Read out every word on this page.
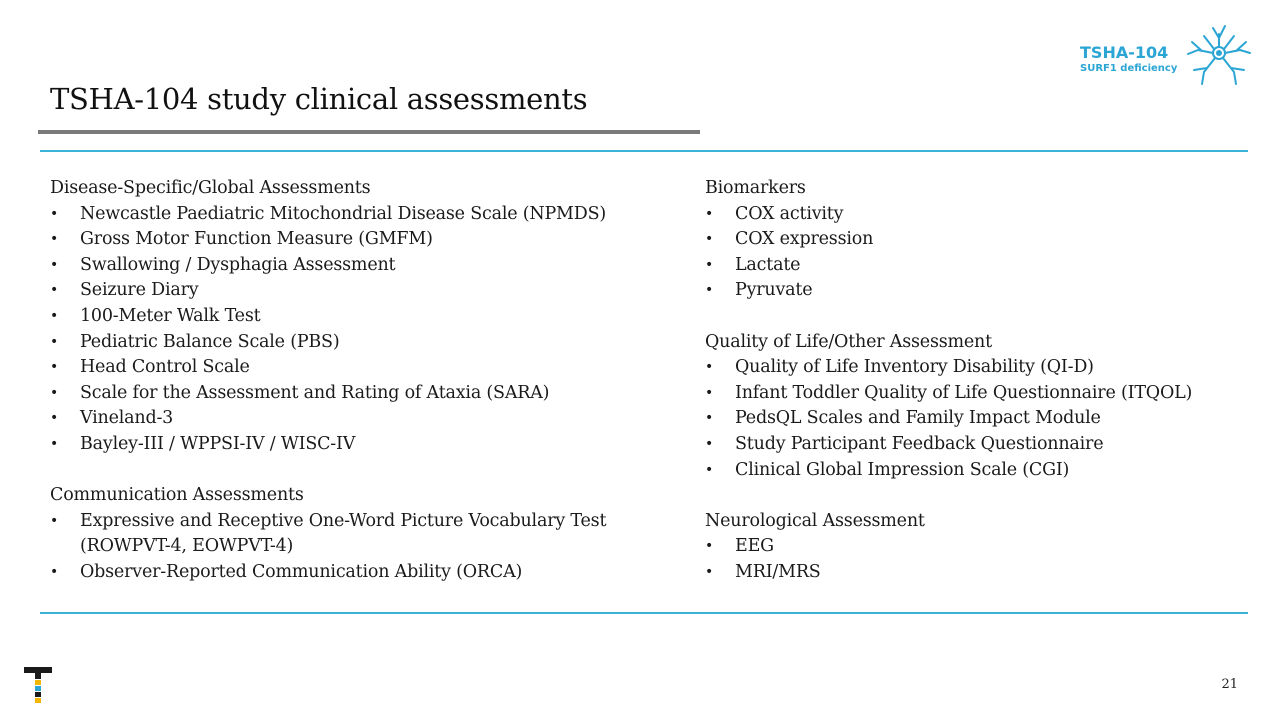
TSHA-104 study clinical assessments
TSHA-104
SURF1 deficiency
Disease-Specific/Global Assessments
• Newcastle Paediatric Mitochondrial Disease Scale (NPMDS)
• Gross Motor Function Measure (GMFM)
• Swallowing / Dysphagia Assessment
• Seizure Diary
• 100-Meter Walk Test
• Pediatric Balance Scale (PBS)
• Head Control Scale
• Scale for the Assessment and Rating of Ataxia (SARA)
• Vineland-3
• Bayley-III / WPPSI-IV / WISC-IV
Communication Assessments
• Expressive and Receptive One-Word Picture Vocabulary Test (ROWPVT-4, EOWPVT-4)
• Observer-Reported Communication Ability (ORCA)
Biomarkers
• COX activity
• COX expression
• Lactate
• Pyruvate
Quality of Life/Other Assessment
• Quality of Life Inventory Disability (QI-D)
• Infant Toddler Quality of Life Questionnaire (ITQOL)
• PedsQL Scales and Family Impact Module
• Study Participant Feedback Questionnaire
• Clinical Global Impression Scale (CGI)
Neurological Assessment
• EEG
• MRI/MRS
21
